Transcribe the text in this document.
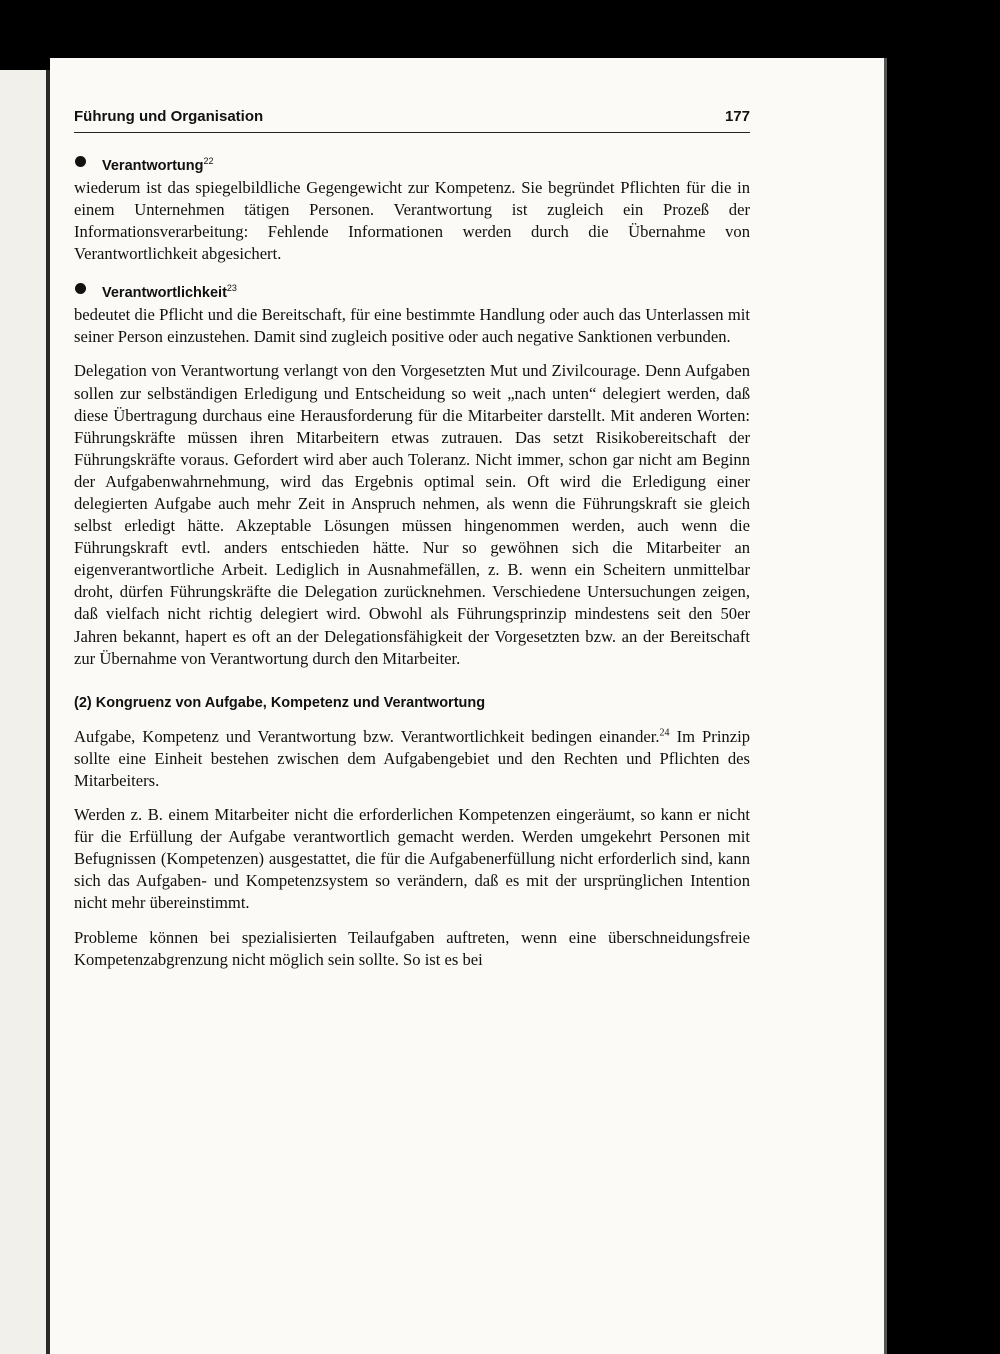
Führung und Organisation	177
Verantwortung$^{22}$
wiederum ist das spiegelbildliche Gegengewicht zur Kompetenz. Sie begründet Pflichten für die in einem Unternehmen tätigen Personen. Verantwortung ist zugleich ein Prozeß der Informationsverarbeitung: Fehlende Informationen werden durch die Übernahme von Verantwortlichkeit abgesichert.
Verantwortlichkeit$^{23}$
bedeutet die Pflicht und die Bereitschaft, für eine bestimmte Handlung oder auch das Unterlassen mit seiner Person einzustehen. Damit sind zugleich positive oder auch negative Sanktionen verbunden.

Delegation von Verantwortung verlangt von den Vorgesetzten Mut und Zivilcourage. Denn Aufgaben sollen zur selbständigen Erledigung und Entscheidung so weit „nach unten“ delegiert werden, daß diese Übertragung durchaus eine Herausforderung für die Mitarbeiter darstellt. Mit anderen Worten: Führungskräfte müssen ihren Mitarbeitern etwas zutrauen. Das setzt Risikobereitschaft der Führungskräfte voraus. Gefordert wird aber auch Toleranz. Nicht immer, schon gar nicht am Beginn der Aufgabenwahrnehmung, wird das Ergebnis optimal sein. Oft wird die Erledigung einer delegierten Aufgabe auch mehr Zeit in Anspruch nehmen, als wenn die Führungskraft sie gleich selbst erledigt hätte. Akzeptable Lösungen müssen hingenommen werden, auch wenn die Führungskraft evtl. anders entschieden hätte. Nur so gewöhnen sich die Mitarbeiter an eigenverantwortliche Arbeit. Lediglich in Ausnahmefällen, z. B. wenn ein Scheitern unmittelbar droht, dürfen Führungskräfte die Delegation zurücknehmen. Verschiedene Untersuchungen zeigen, daß vielfach nicht richtig delegiert wird. Obwohl als Führungsprinzip mindestens seit den 50er Jahren bekannt, hapert es oft an der Delegationsfähigkeit der Vorgesetzten bzw. an der Bereitschaft zur Übernahme von Verantwortung durch den Mitarbeiter.

(2) Kongruenz von Aufgabe, Kompetenz und Verantwortung

Aufgabe, Kompetenz und Verantwortung bzw. Verantwortlichkeit bedingen einander.$^{24}$ Im Prinzip sollte eine Einheit bestehen zwischen dem Aufgabengebiet und den Rechten und Pflichten des Mitarbeiters.

Werden z. B. einem Mitarbeiter nicht die erforderlichen Kompetenzen eingeräumt, so kann er nicht für die Erfüllung der Aufgabe verantwortlich gemacht werden. Werden umgekehrt Personen mit Befugnissen (Kompetenzen) ausgestattet, die für die Aufgabenerfüllung nicht erforderlich sind, kann sich das Aufgaben- und Kompetenzsystem so verändern, daß es mit der ursprünglichen Intention nicht mehr übereinstimmt.

Probleme können bei spezialisierten Teilaufgaben auftreten, wenn eine überschneidungsfreie Kompetenzabgrenzung nicht möglich sein sollte. So ist es bei
